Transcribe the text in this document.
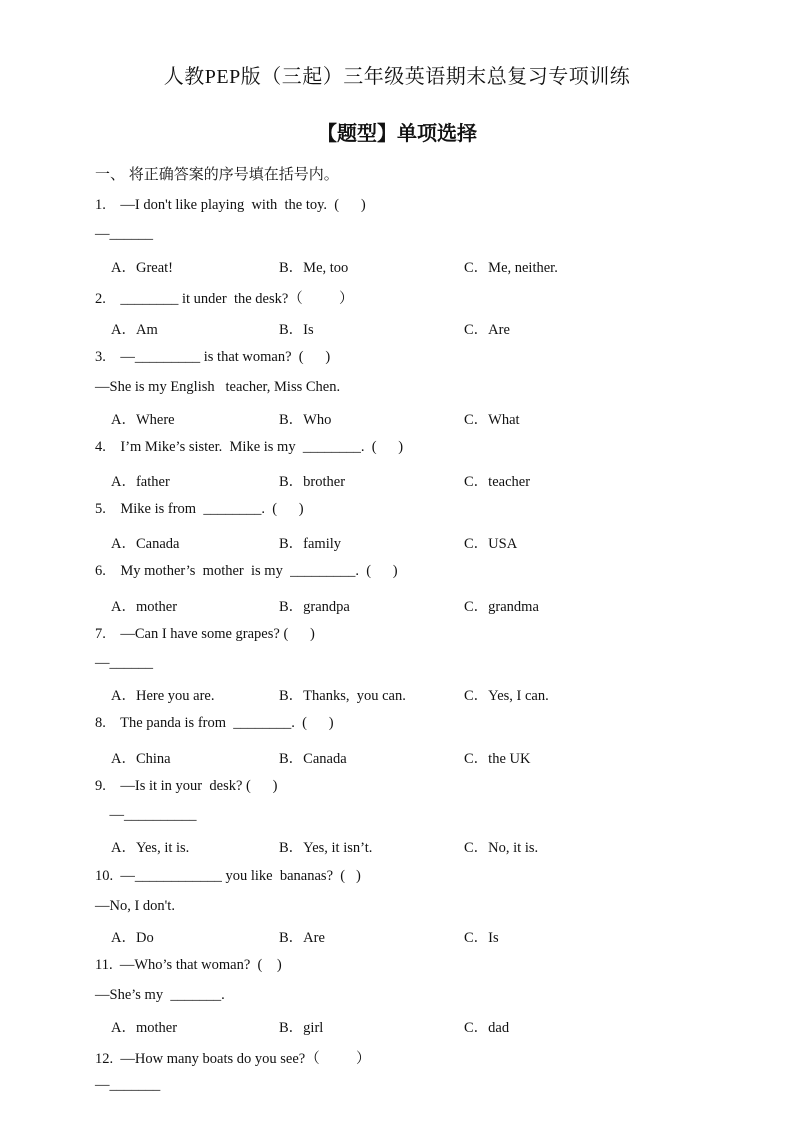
人教PEP版（三起）三年级英语期末总复习专项训练
【题型】单项选择
一、 将正确答案的序号填在括号内。
1.    —I don't like playing  with  the toy.  (      )
—______
A．Great!	B．Me, too	C．Me, neither.
2.    ________ it under  the desk?（          ）
A．Am	B．Is	C．Are
3.    —_________ is that woman?  (      )
—She is my English   teacher, Miss Chen.
A．Where	B．Who	C．What
4.    I’m Mike’s sister.  Mike is my  ________.  (      )
A．father	B．brother	C．teacher
5.    Mike is from  ________.  (      )
A．Canada	B．family	C．USA
6.    My mother’s  mother  is my  _________.  (      )
A．mother	B．grandpa	C．grandma
7.    —Can I have some grapes? (      )
—______
A．Here you are.	B．Thanks,  you can.	C．Yes, I can.
8.    The panda is from  ________.  (      )
A．China	B．Canada	C．the UK
9.    —Is it in your  desk? (      )
—__________
A．Yes, it is.	B．Yes, it isn’t.	C．No, it is.
10.  —____________ you like  bananas?  (   )
—No, I don't.
A．Do	B．Are	C．Is
11.  —Who’s that woman?  (    )
—She’s my  _______.
A．mother	B．girl	C．dad
12.  —How many boats do you see?（          ）
—_______
